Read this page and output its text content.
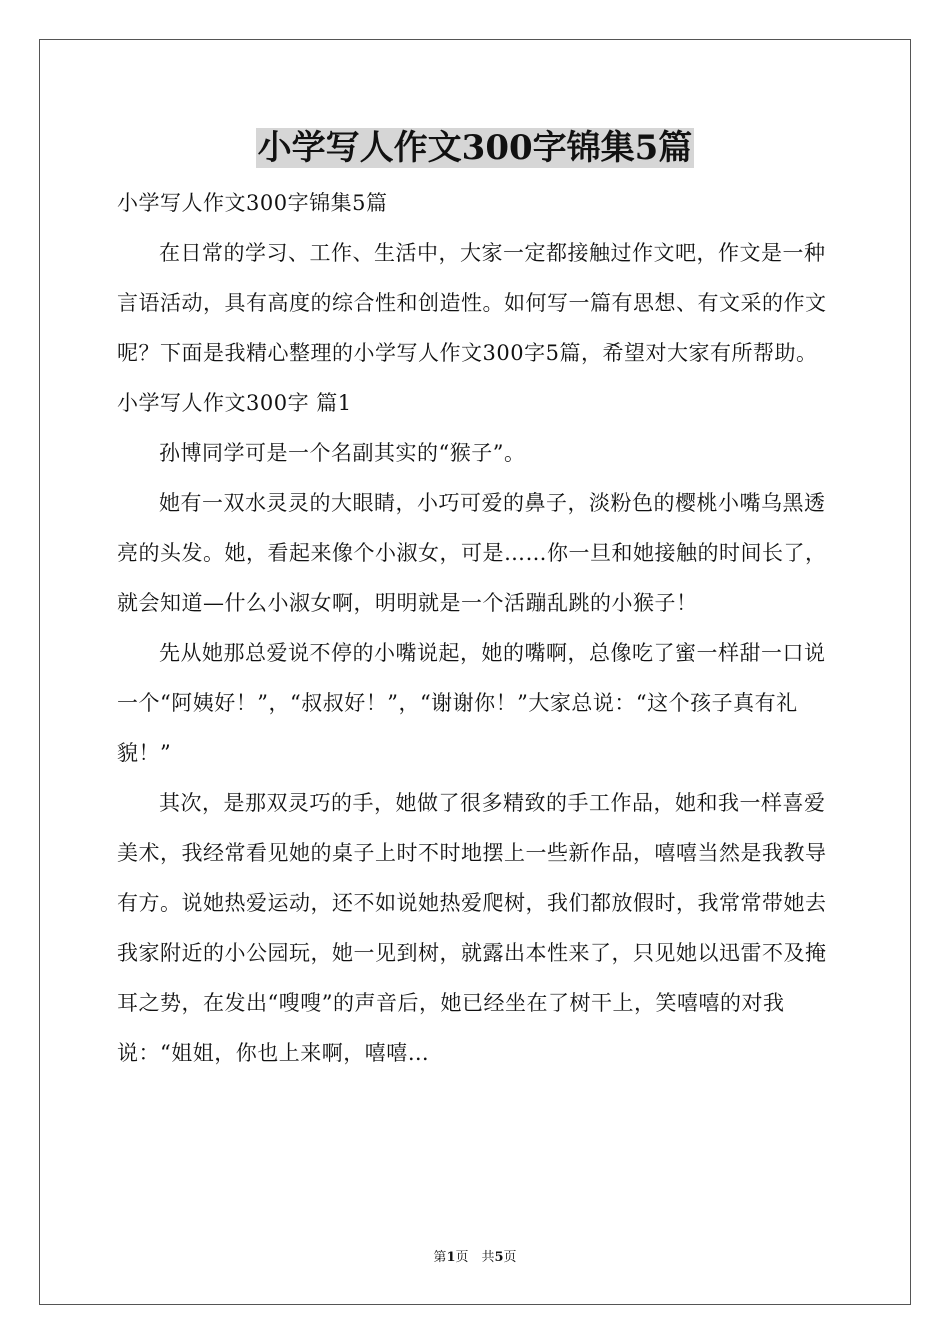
小学写人作文300字锦集5篇

小学写人作文300字锦集5篇

在日常的学习、工作、生活中，大家一定都接触过作文吧，作文是一种言语活动，具有高度的综合性和创造性。如何写一篇有思想、有文采的作文呢？下面是我精心整理的小学写人作文300字5篇，希望对大家有所帮助。

小学写人作文300字 篇1

孙博同学可是一个名副其实的“猴子”。

她有一双水灵灵的大眼睛，小巧可爱的鼻子，淡粉色的樱桃小嘴乌黑透亮的头发。她，看起来像个小淑女，可是……你一旦和她接触的时间长了，就会知道—什么小淑女啊，明明就是一个活蹦乱跳的小猴子！

先从她那总爱说不停的小嘴说起，她的嘴啊，总像吃了蜜一样甜一口说一个“阿姨好！”，“叔叔好！”，“谢谢你！”大家总说：“这个孩子真有礼貌！”

其次，是那双灵巧的手，她做了很多精致的手工作品，她和我一样喜爱美术，我经常看见她的桌子上时不时地摆上一些新作品，嘻嘻当然是我教导有方。说她热爱运动，还不如说她热爱爬树，我们都放假时，我常常带她去我家附近的小公园玩，她一见到树，就露出本性来了，只见她以迅雷不及掩耳之势，在发出“嗖嗖”的声音后，她已经坐在了树干上，笑嘻嘻的对我说：“姐姐，你也上来啊，嘻嘻…

第1页　共5页
